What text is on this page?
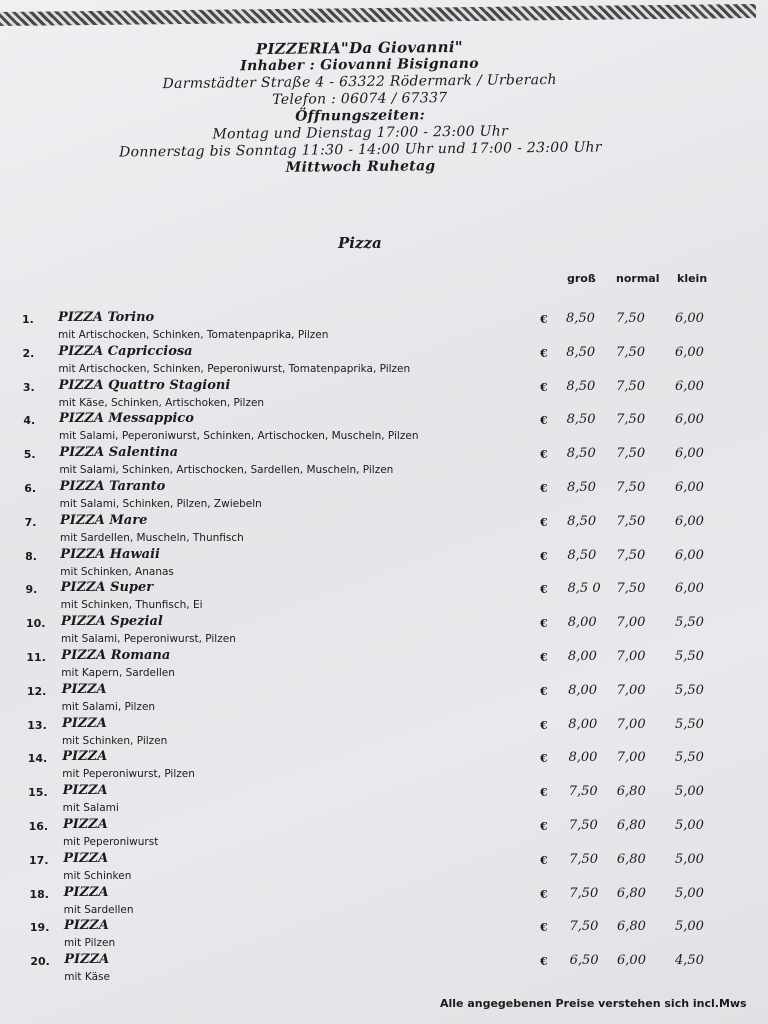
PIZZERIA"Da Giovanni"
Inhaber : Giovanni Bisignano
Darmstädter Straße 4 - 63322 Rödermark / Urberach
Telefon : 06074 / 67337
Öffnungszeiten:
Montag und Dienstag 17:00 - 23:00 Uhr
Donnerstag bis Sonntag 11:30 - 14:00 Uhr und 17:00 - 23:00 Uhr
Mittwoch Ruhetag
Pizza
groß normal klein
1. PIZZA Torino
mit Artischocken, Schinken, Tomatenpaprika, Pilzen
€ 8,50 7,50 6,00
2. PIZZA Capricciosa
mit Artischocken, Schinken, Peperoniwurst, Tomatenpaprika, Pilzen
€ 8,50 7,50 6,00
3. PIZZA Quattro Stagioni
mit Käse, Schinken, Artischoken, Pilzen
€ 8,50 7,50 6,00
4. PIZZA Messappico
mit Salami, Peperoniwurst, Schinken, Artischocken, Muscheln, Pilzen
€ 8,50 7,50 6,00
5. PIZZA Salentina
mit Salami, Schinken, Artischocken, Sardellen, Muscheln, Pilzen
€ 8,50 7,50 6,00
6. PIZZA Taranto
mit Salami, Schinken, Pilzen, Zwiebeln
€ 8,50 7,50 6,00
7. PIZZA Mare
mit Sardellen, Muscheln, Thunfisch
€ 8,50 7,50 6,00
8. PIZZA Hawaii
mit Schinken, Ananas
€ 8,50 7,50 6,00
9. PIZZA Super
mit Schinken, Thunfisch, Ei
€ 8,5 0 7,50 6,00
10. PIZZA Spezial
mit Salami, Peperoniwurst, Pilzen
€ 8,00 7,00 5,50
11. PIZZA Romana
mit Kapern, Sardellen
€ 8,00 7,00 5,50
12. PIZZA
mit Salami, Pilzen
€ 8,00 7,00 5,50
13. PIZZA
mit Schinken, Pilzen
€ 8,00 7,00 5,50
14. PIZZA
mit Peperoniwurst, Pilzen
€ 8,00 7,00 5,50
15. PIZZA
mit Salami
€ 7,50 6,80 5,00
16. PIZZA
mit Peperoniwurst
€ 7,50 6,80 5,00
17. PIZZA
mit Schinken
€ 7,50 6,80 5,00
18. PIZZA
mit Sardellen
€ 7,50 6,80 5,00
19. PIZZA
mit Pilzen
€ 7,50 6,80 5,00
20. PIZZA
mit Käse
€ 6,50 6,00 4,50
Alle angegebenen Preise verstehen sich incl.Mws
